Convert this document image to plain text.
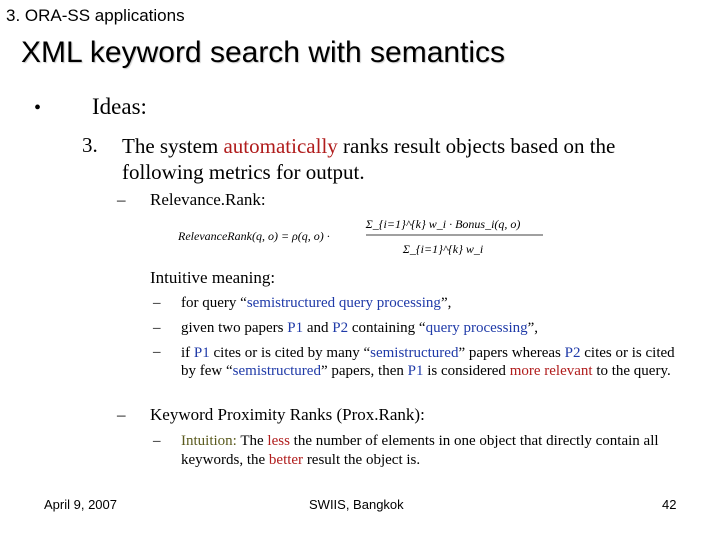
3. ORA-SS applications
XML keyword search with semantics
• Ideas:
3. The system automatically ranks result objects based on the following metrics for output.
– Relevance.Rank:
RelevanceRank(q, o) = ρ(q, o) ·
Σ_{i=1}^{k} w_i · Bonus_i(q, o)
Σ_{i=1}^{k} w_i
Intuitive meaning:
– for query “semistructured query processing”,
– given two papers P1 and P2 containing “query processing”,
– if P1 cites or is cited by many “semistructured” papers whereas P2 cites or is cited by few “semistructured” papers, then P1 is considered more relevant to the query.
– Keyword Proximity Ranks (Prox.Rank):
– Intuition: The less the number of elements in one object that directly contain all keywords, the better result the object is.
April 9, 2007	SWIIS, Bangkok	42
